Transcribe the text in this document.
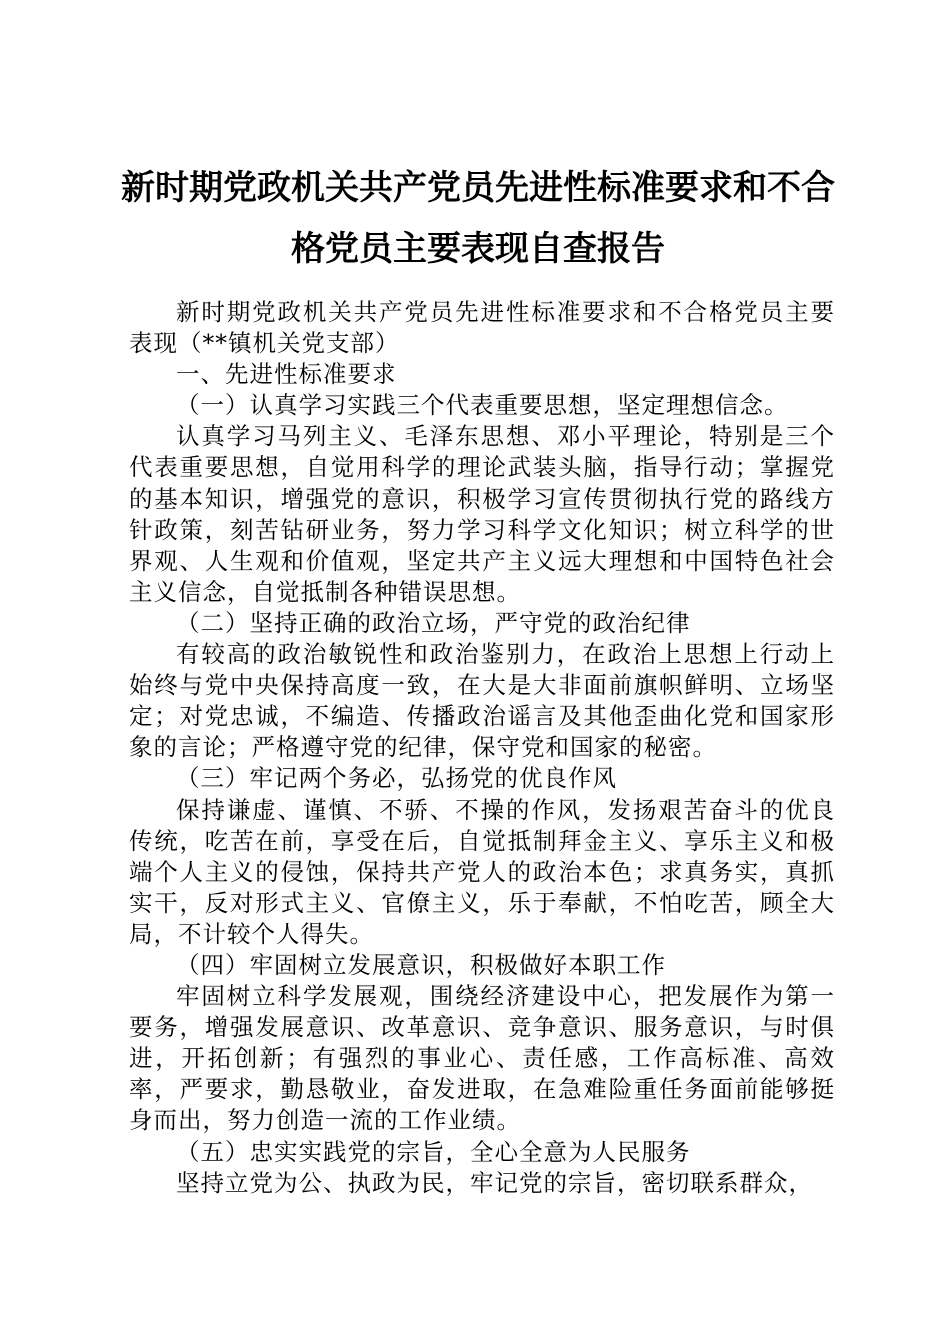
新时期党政机关共产党员先进性标准要求和不合格党员主要表现自查报告

新时期党政机关共产党员先进性标准要求和不合格党员主要表现（**镇机关党支部）

一、先进性标准要求

（一）认真学习实践三个代表重要思想，坚定理想信念。

认真学习马列主义、毛泽东思想、邓小平理论，特别是三个代表重要思想，自觉用科学的理论武装头脑，指导行动；掌握党的基本知识，增强党的意识，积极学习宣传贯彻执行党的路线方针政策，刻苦钻研业务，努力学习科学文化知识；树立科学的世界观、人生观和价值观，坚定共产主义远大理想和中国特色社会主义信念，自觉抵制各种错误思想。

（二）坚持正确的政治立场，严守党的政治纪律

有较高的政治敏锐性和政治鉴别力，在政治上思想上行动上始终与党中央保持高度一致，在大是大非面前旗帜鲜明、立场坚定；对党忠诚，不编造、传播政治谣言及其他歪曲化党和国家形象的言论；严格遵守党的纪律，保守党和国家的秘密。

（三）牢记两个务必，弘扬党的优良作风

保持谦虚、谨慎、不骄、不操的作风，发扬艰苦奋斗的优良传统，吃苦在前，享受在后，自觉抵制拜金主义、享乐主义和极端个人主义的侵蚀，保持共产党人的政治本色；求真务实，真抓实干，反对形式主义、官僚主义，乐于奉献，不怕吃苦，顾全大局，不计较个人得失。

（四）牢固树立发展意识，积极做好本职工作

牢固树立科学发展观，围绕经济建设中心，把发展作为第一要务，增强发展意识、改革意识、竞争意识、服务意识，与时俱进，开拓创新；有强烈的事业心、责任感，工作高标准、高效率，严要求，勤恳敬业，奋发进取，在急难险重任务面前能够挺身而出，努力创造一流的工作业绩。

（五）忠实实践党的宗旨，全心全意为人民服务

坚持立党为公、执政为民，牢记党的宗旨，密切联系群众，
